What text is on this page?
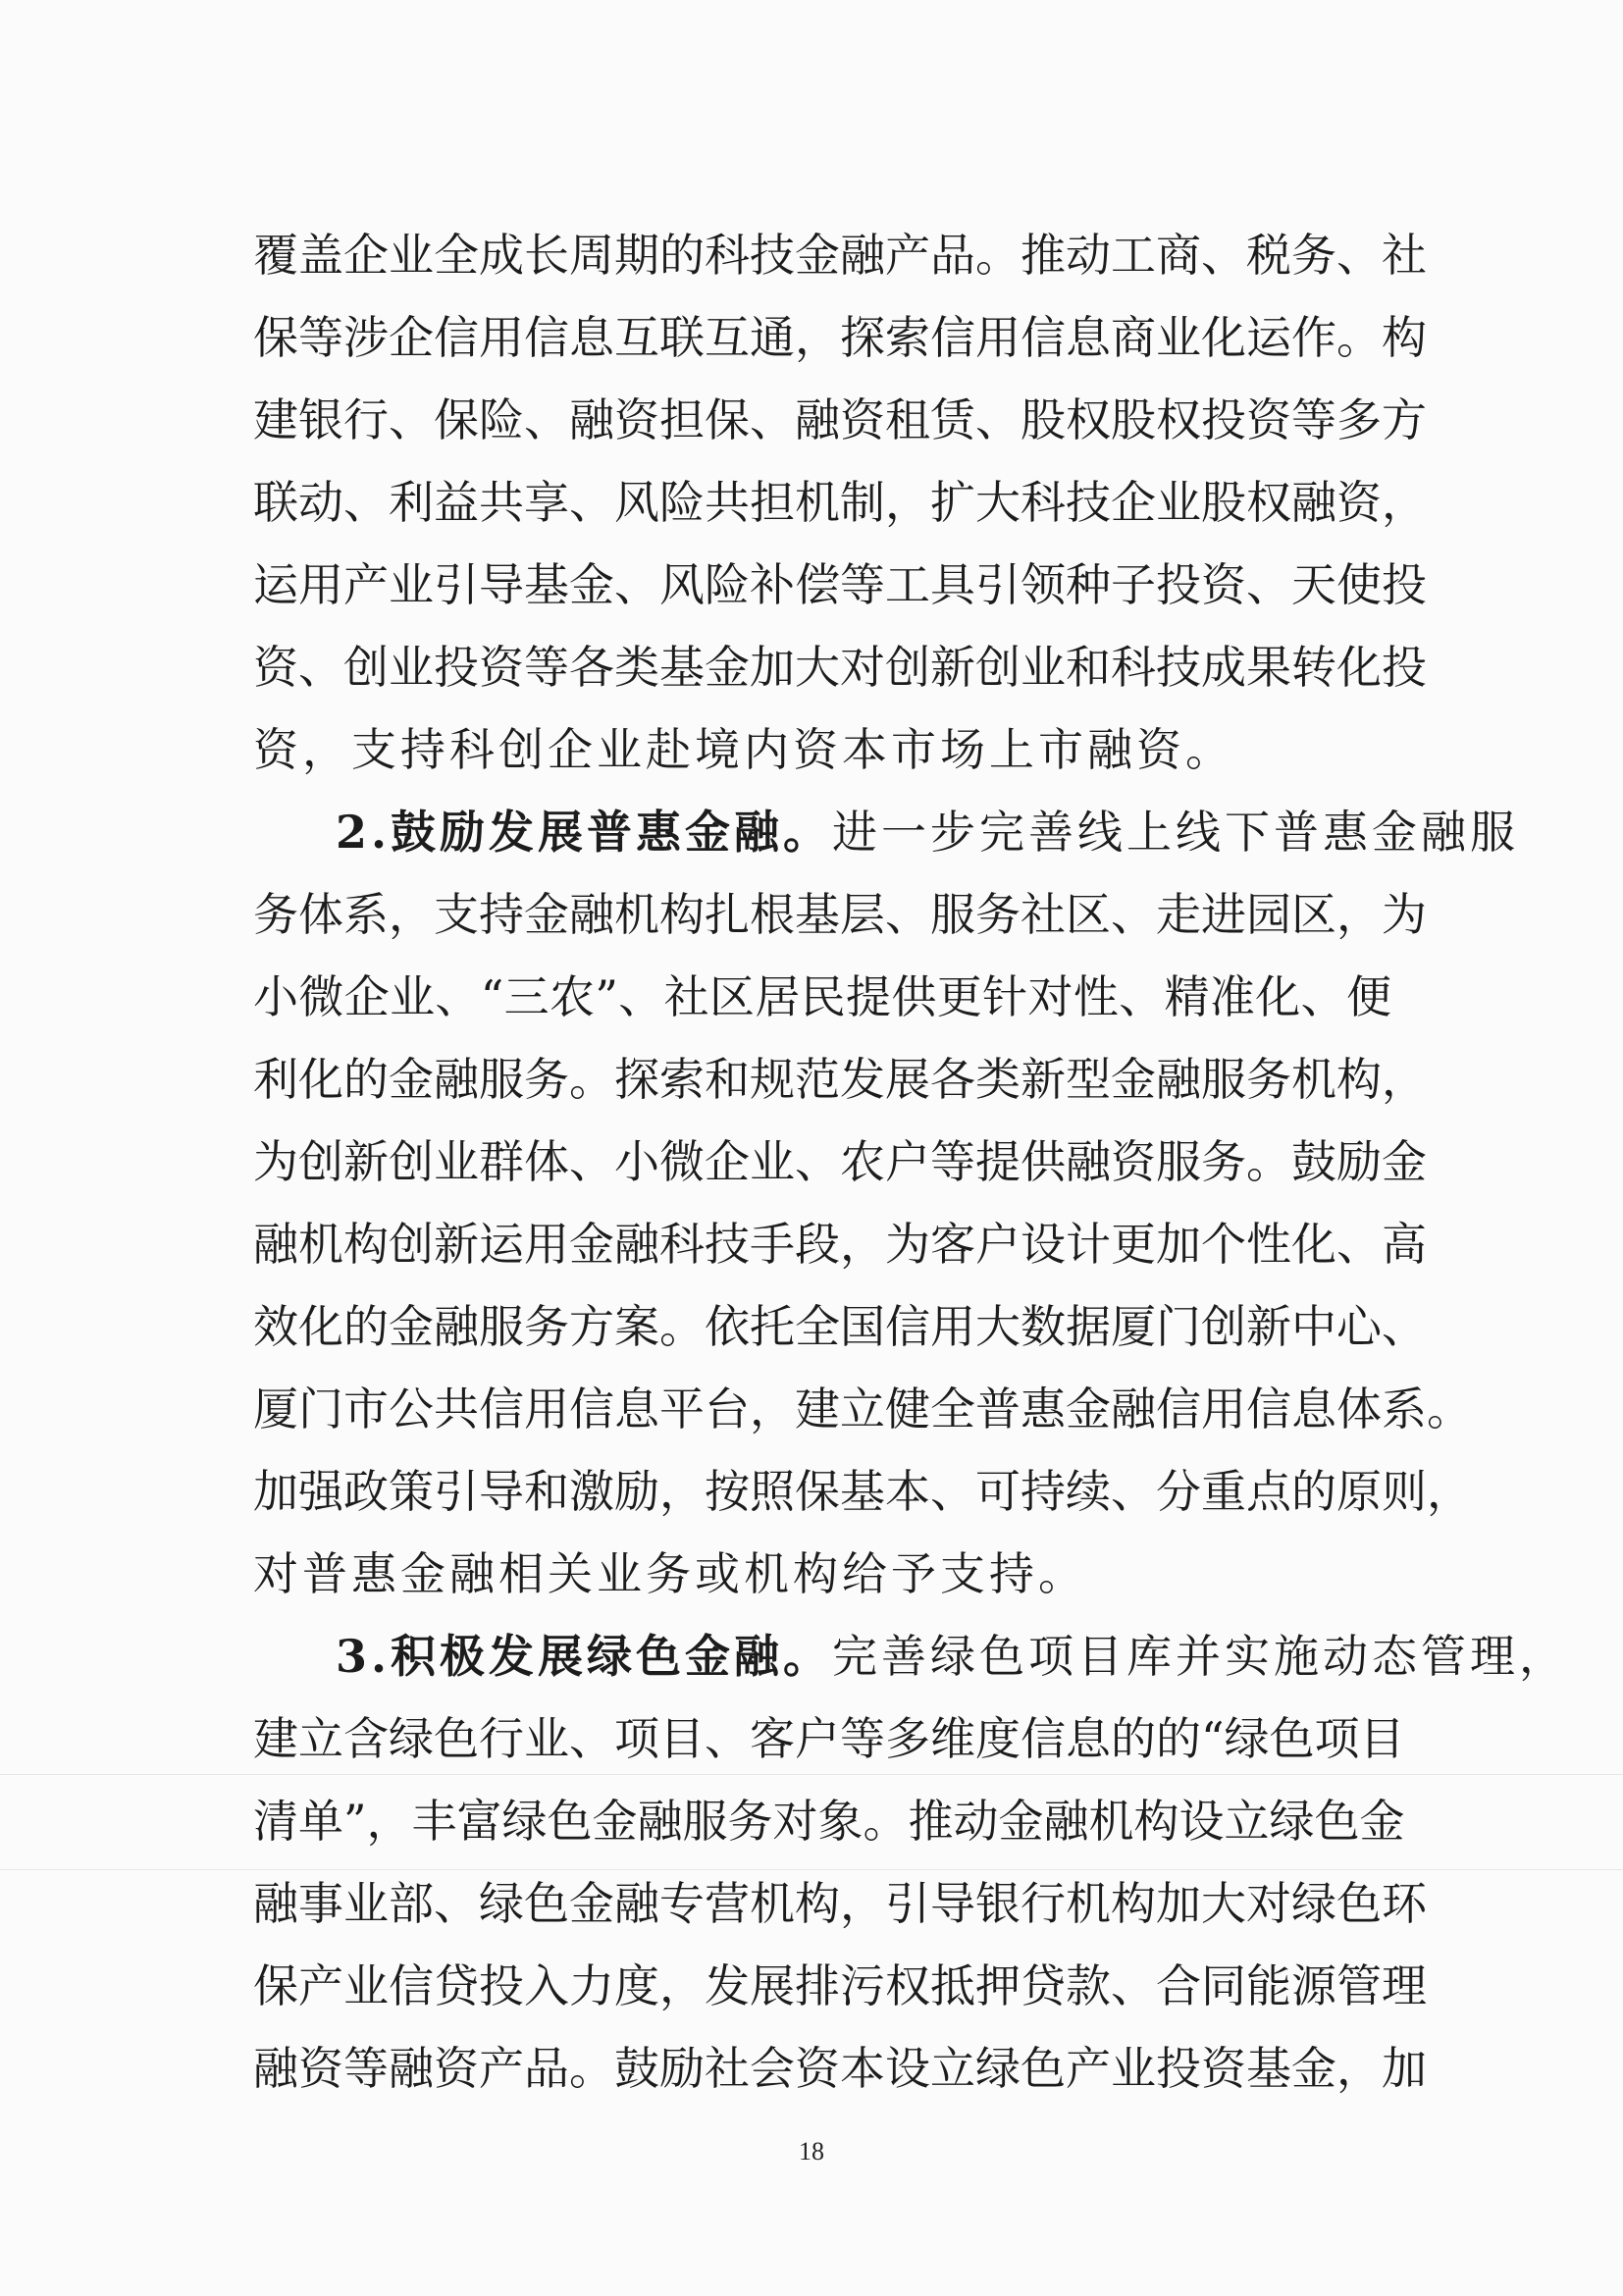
覆盖企业全成长周期的科技金融产品。推动工商、税务、社
保等涉企信用信息互联互通，探索信用信息商业化运作。构
建银行、保险、融资担保、融资租赁、股权股权投资等多方
联动、利益共享、风险共担机制，扩大科技企业股权融资，
运用产业引导基金、风险补偿等工具引领种子投资、天使投
资、创业投资等各类基金加大对创新创业和科技成果转化投
资，支持科创企业赴境内资本市场上市融资。
2.鼓励发展普惠金融。进一步完善线上线下普惠金融服
务体系，支持金融机构扎根基层、服务社区、走进园区，为
小微企业、“三农”、社区居民提供更针对性、精准化、便
利化的金融服务。探索和规范发展各类新型金融服务机构，
为创新创业群体、小微企业、农户等提供融资服务。鼓励金
融机构创新运用金融科技手段，为客户设计更加个性化、高
效化的金融服务方案。依托全国信用大数据厦门创新中心、
厦门市公共信用信息平台，建立健全普惠金融信用信息体系。
加强政策引导和激励，按照保基本、可持续、分重点的原则，
对普惠金融相关业务或机构给予支持。
3.积极发展绿色金融。完善绿色项目库并实施动态管理，
建立含绿色行业、项目、客户等多维度信息的的“绿色项目
清单”，丰富绿色金融服务对象。推动金融机构设立绿色金
融事业部、绿色金融专营机构，引导银行机构加大对绿色环
保产业信贷投入力度，发展排污权抵押贷款、合同能源管理
融资等融资产品。鼓励社会资本设立绿色产业投资基金，加
18
